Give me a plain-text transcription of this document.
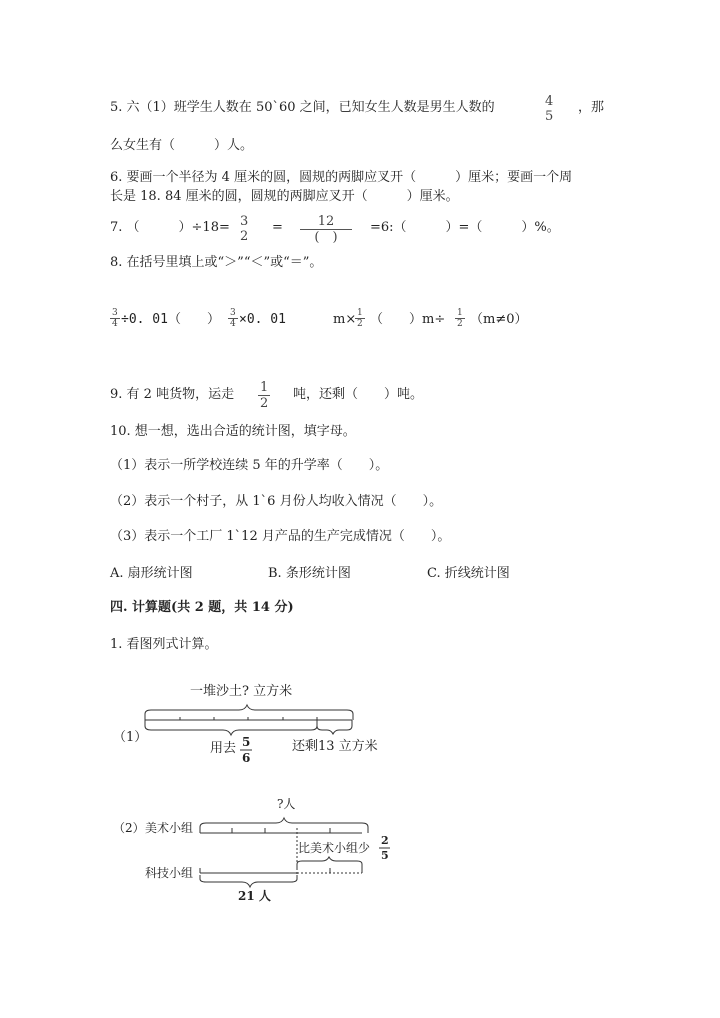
5. 六（1）班学生人数在 50`60 之间，已知女生人数是男生人数的	4
5
，那
么女生有（　　　）人。
6. 要画一个半径为 4 厘米的圆，圆规的两脚应叉开（　　　）厘米；要画一个周
长是 18. 84 厘米的圆，圆规的两脚应叉开（　　　）厘米。
7. （　　　）÷18= 3
2
=	12
(　)
=6:（　　　）=（　　　）%。
8. 在括号里填上或“＞”“＜”或“＝”。
$\frac{3}{4} \div 0$. 01（　　） $\frac{3}{4} \times 0$. 01	m×
$\frac{1}{2}$ （　　）$m\div \frac{1}{2} (m\ne 0)$
9. 有 2 吨货物，运走 $\frac{1}{2}$ 吨，还剩（　　）吨。
10. 想一想，选出合适的统计图，填字母。
（1）表示一所学校连续 5 年的升学率（　　）。
（2）表示一个村子，从 1`6 月份人均收入情况（　　）。
（3）表示一个工厂 1`12 月产品的生产完成情况（　　）。
A. 扇形统计图	B. 条形统计图	C. 折线统计图
四. 计算题(共 2 题，共 14 分)
1. 看图列式计算。
一堆沙土? 立方米
（1）
用去 5
6
还剩13 立方米
?人
（2） 美术小组
比美术小组少
2
5
科技小组
21 人
